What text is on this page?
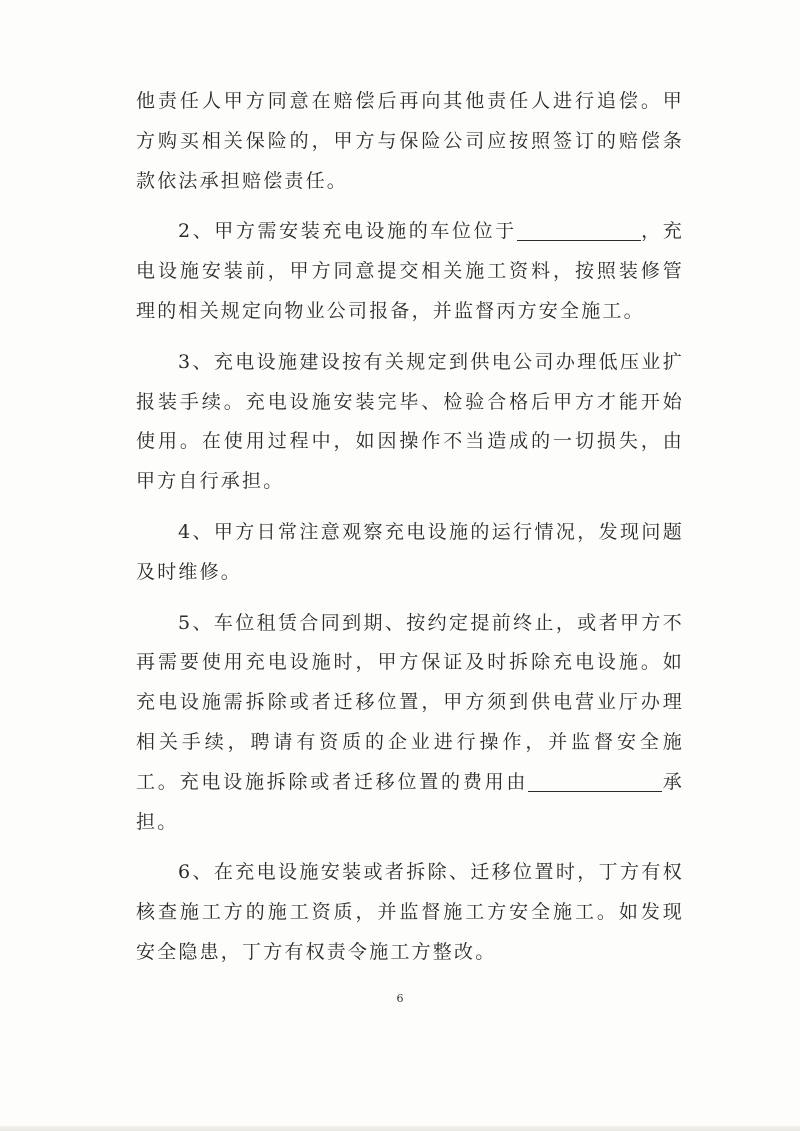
他责任人甲方同意在赔偿后再向其他责任人进行追偿。甲方购买相关保险的，甲方与保险公司应按照签订的赔偿条款依法承担赔偿责任。

2、甲方需安装充电设施的车位位于	，充电设施安装前，甲方同意提交相关施工资料，按照装修管理的相关规定向物业公司报备，并监督丙方安全施工。

3、充电设施建设按有关规定到供电公司办理低压业扩报装手续。充电设施安装完毕、检验合格后甲方才能开始使用。在使用过程中，如因操作不当造成的一切损失，由甲方自行承担。

4、甲方日常注意观察充电设施的运行情况，发现问题及时维修。

5、车位租赁合同到期、按约定提前终止，或者甲方不再需要使用充电设施时，甲方保证及时拆除充电设施。如充电设施需拆除或者迁移位置，甲方须到供电营业厅办理相关手续，聘请有资质的企业进行操作，并监督安全施工。充电设施拆除或者迁移位置的费用由	承担。

6、在充电设施安装或者拆除、迁移位置时，丁方有权核查施工方的施工资质，并监督施工方安全施工。如发现安全隐患，丁方有权责令施工方整改。

6
